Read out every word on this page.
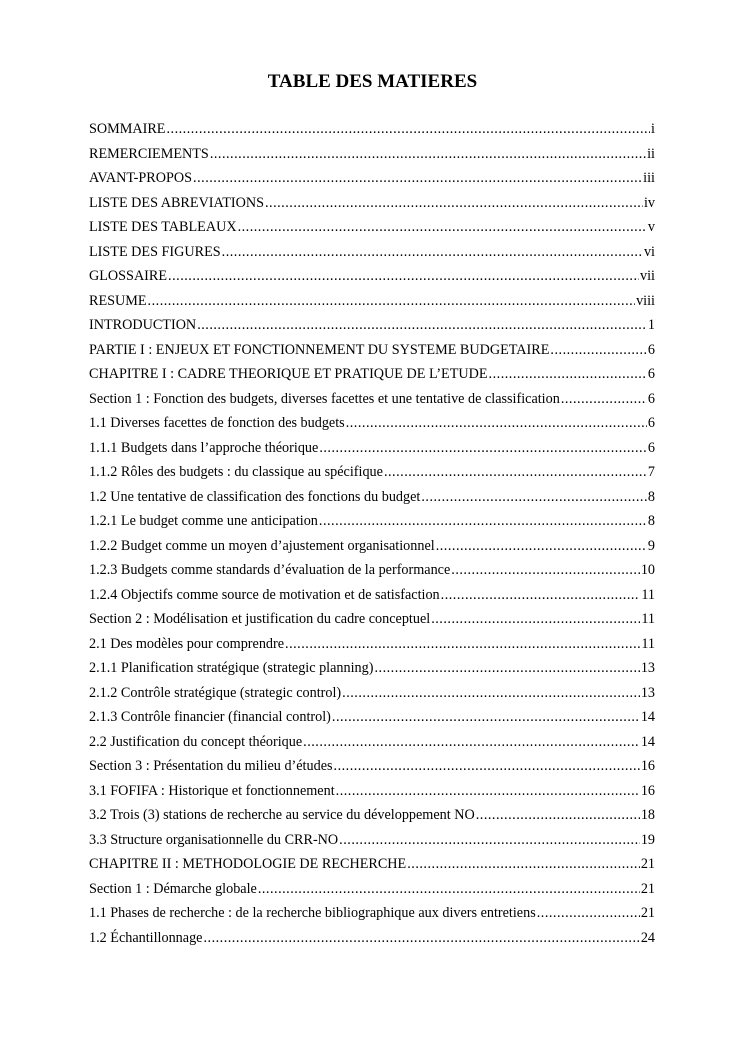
TABLE DES MATIERES
SOMMAIRE .....	i
REMERCIEMENTS .....	ii
AVANT-PROPOS .....	iii
LISTE DES ABREVIATIONS .....	iv
LISTE DES TABLEAUX .....	v
LISTE DES FIGURES .....	vi
GLOSSAIRE .....	vii
RESUME .....	viii
INTRODUCTION .....	1
PARTIE I : ENJEUX ET FONCTIONNEMENT DU SYSTEME BUDGETAIRE .....	6
CHAPITRE I : CADRE THEORIQUE ET PRATIQUE DE L’ETUDE .....	6
Section 1 : Fonction des budgets, diverses facettes et une tentative de classification .....	6
1.1 Diverses facettes de fonction des budgets .....	6
1.1.1 Budgets dans l’approche théorique .....	6
1.1.2 Rôles des budgets : du classique au spécifique .....	7
1.2 Une tentative de classification des fonctions du budget .....	8
1.2.1 Le budget comme une anticipation .....	8
1.2.2 Budget comme un moyen d’ajustement organisationnel .....	9
1.2.3 Budgets comme standards d’évaluation de la performance .....	10
1.2.4 Objectifs comme source de motivation et de satisfaction .....	11
Section 2 : Modélisation et justification du cadre conceptuel .....	11
2.1 Des modèles pour comprendre .....	11
2.1.1 Planification stratégique (strategic planning) .....	13
2.1.2 Contrôle stratégique (strategic control) .....	13
2.1.3 Contrôle financier (financial control) .....	14
2.2 Justification du concept théorique .....	14
Section 3 : Présentation du milieu d’études .....	16
3.1 FOFIFA : Historique et fonctionnement .....	16
3.2 Trois (3) stations de recherche au service du développement NO .....	18
3.3 Structure organisationnelle du CRR-NO .....	19
CHAPITRE II : METHODOLOGIE DE RECHERCHE .....	21
Section 1 : Démarche globale .....	21
1.1 Phases de recherche : de la recherche bibliographique aux divers entretiens .....	21
1.2 Échantillonnage .....	24
